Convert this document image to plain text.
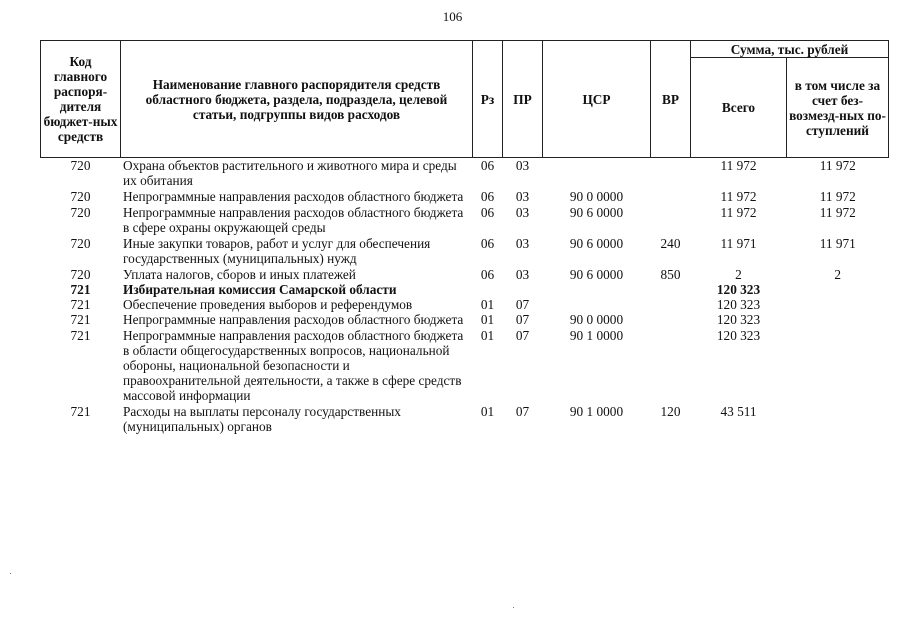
106
Код главного распоря-дителя бюджет-ных средств	Наименование главного распорядителя средств областного бюджета, раздела, подраздела, целевой статьи, подгруппы видов расходов	Рз	ПР	ЦСР	ВР	Сумма, тыс. рублей	
						Всего	в том числе за счет без-возмезд-ных по-ступлений
720	Охрана объектов растительного и животного мира и среды их обитания	06	03			11 972	11 972
720	Непрограммные направления расходов областного бюджета	06	03	90 0 0000		11 972	11 972
720	Непрограммные направления расходов областного бюджета в сфере охраны окружающей среды	06	03	90 6 0000		11 972	11 972
720	Иные закупки товаров, работ и услуг для обеспечения государственных (муниципальных) нужд	06	03	90 6 0000	240	11 971	11 971
720	Уплата налогов, сборов и иных платежей	06	03	90 6 0000	850	2	2
721	Избирательная комиссия Самарской области					120 323	
721	Обеспечение проведения выборов и референдумов	01	07			120 323	
721	Непрограммные направления расходов областного бюджета	01	07	90 0 0000		120 323	
721	Непрограммные направления расходов областного бюджета в области общегосударственных вопросов, национальной обороны, национальной безопасности и правоохранительной деятельности, а также в сфере средств массовой информации	01	07	90 1 0000		120 323	
721	Расходы на выплаты персоналу государственных (муниципальных) органов	01	07	90 1 0000	120	43 511	
